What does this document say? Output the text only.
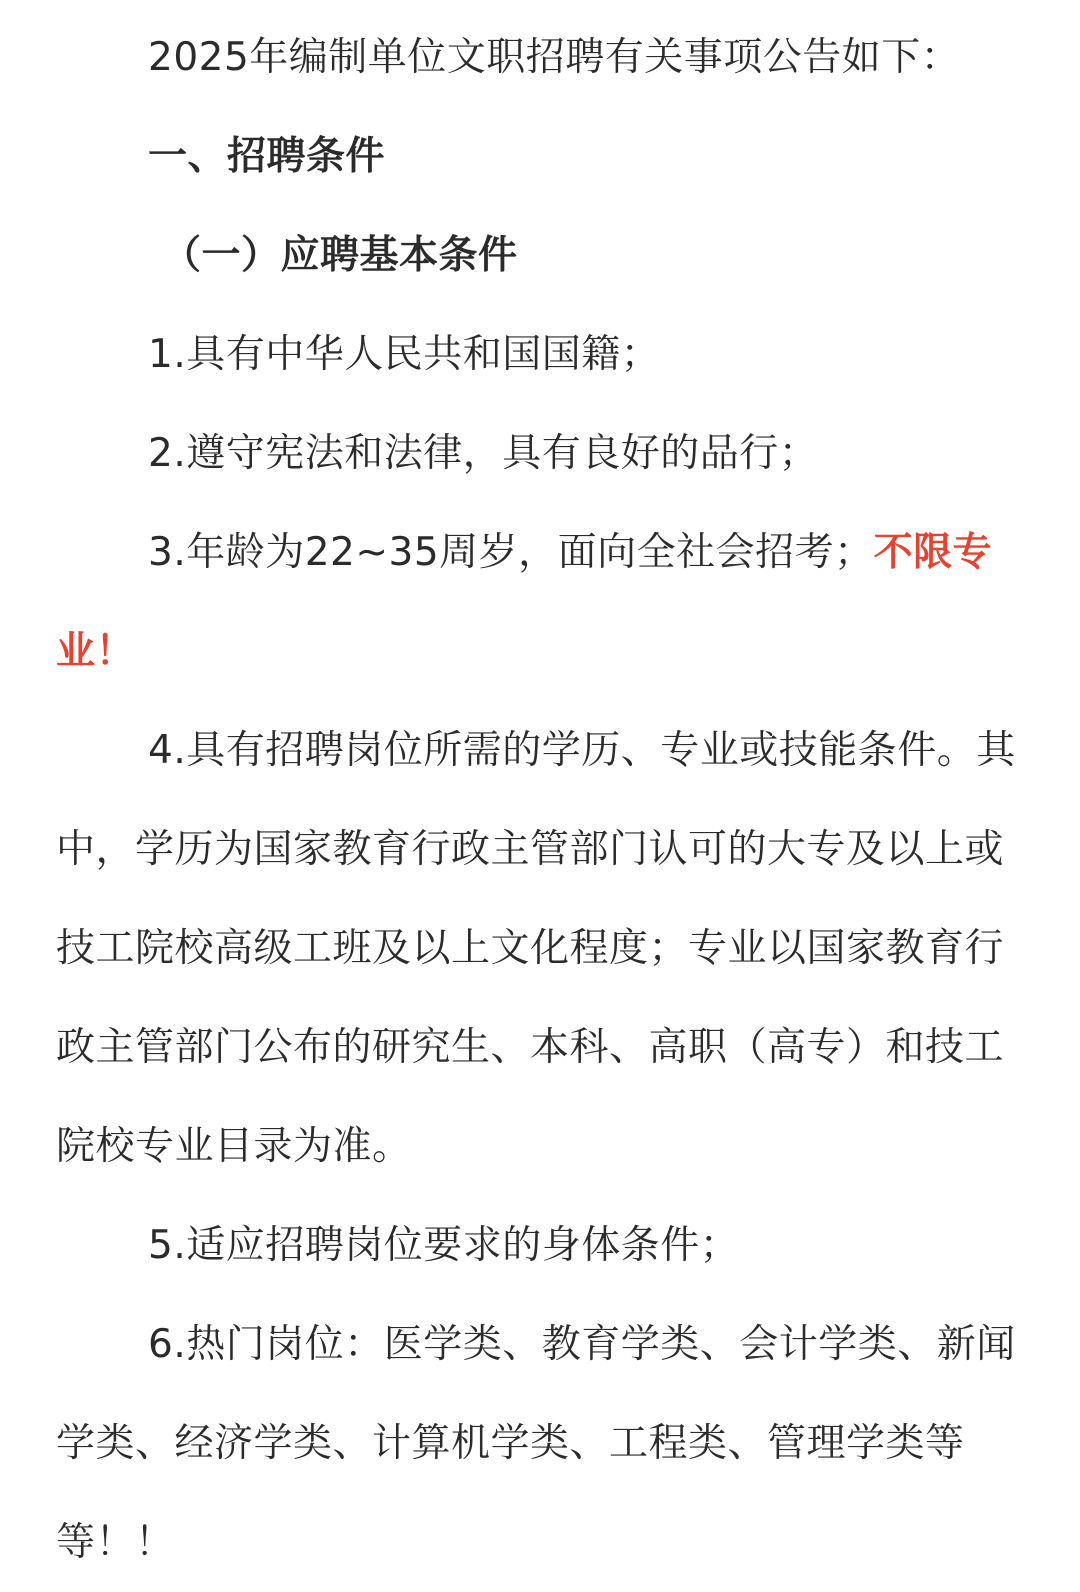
2025年编制单位文职招聘有关事项公告如下：

一、招聘条件

（一）应聘基本条件

1.具有中华人民共和国国籍；

2.遵守宪法和法律，具有良好的品行；

3.年龄为22~35周岁，面向全社会招考；不限专业！

4.具有招聘岗位所需的学历、专业或技能条件。其中，学历为国家教育行政主管部门认可的大专及以上或技工院校高级工班及以上文化程度；专业以国家教育行政主管部门公布的研究生、本科、高职（高专）和技工院校专业目录为准。

5.适应招聘岗位要求的身体条件；

6.热门岗位：医学类、教育学类、会计学类、新闻学类、经济学类、计算机学类、工程类、管理学类等等！！
